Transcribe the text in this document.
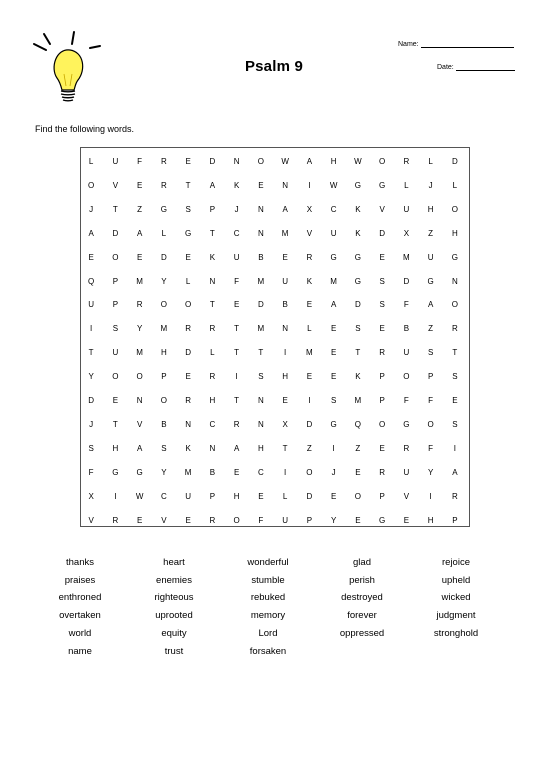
Psalm 9
Name:
Date:
Find the following words.
L	U	F	R	E	D	N	O	W	A	H	W	O	R	L	D
O	V	E	R	T	A	K	E	N	I	W	G	G	L	J	L
J	T	Z	G	S	P	J	N	A	X	C	K	V	U	H	O
A	D	A	L	G	T	C	N	M	V	U	K	D	X	Z	H
E	O	E	D	E	K	U	B	E	R	G	G	E	M	U	G
Q	P	M	Y	L	N	F	M	U	K	M	G	S	D	G	N
U	P	R	O	O	T	E	D	B	E	A	D	S	F	A	O
I	S	Y	M	R	R	T	M	N	L	E	S	E	B	Z	R
T	U	M	H	D	L	T	T	I	M	E	T	R	U	S	T
Y	O	O	P	E	R	I	S	H	E	E	K	P	O	P	S
D	E	N	O	R	H	T	N	E	I	S	M	P	F	F	E
J	T	V	B	N	C	R	N	X	D	G	Q	O	G	O	S
S	H	A	S	K	N	A	H	T	Z	I	Z	E	R	F	I
F	G	G	Y	M	B	E	C	I	O	J	E	R	U	Y	A
X	I	W	C	U	P	H	E	L	D	E	O	P	V	I	R
V	R	E	V	E	R	O	F	U	P	Y	E	G	E	H	P
thanks	heart	wonderful	glad	rejoice
praises	enemies	stumble	perish	upheld
enthroned	righteous	rebuked	destroyed	wicked
overtaken	uprooted	memory	forever	judgment
world	equity	Lord	oppressed	stronghold
name	trust	forsaken
